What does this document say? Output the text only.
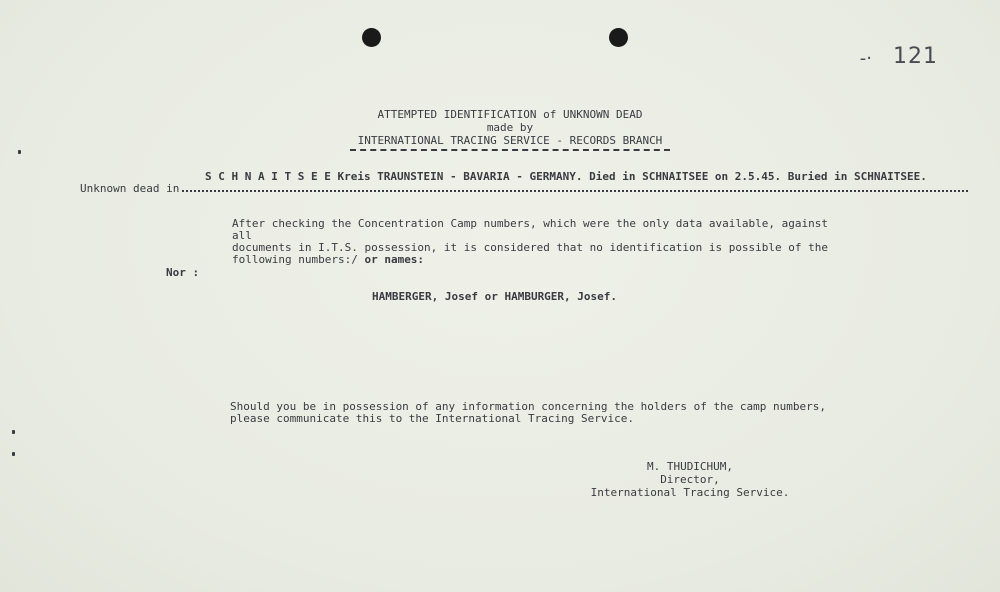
-· 121
ATTEMPTED IDENTIFICATION of UNKNOWN DEAD
made by
INTERNATIONAL TRACING SERVICE - RECORDS BRANCH
S C H N A I T S E E Kreis TRAUNSTEIN - BAVARIA - GERMANY. Died in SCHNAITSEE on 2.5.45. Buried in SCHNAITSEE.
Unknown dead in
After checking the Concentration Camp numbers, which were the only data available, against all
documents in I.T.S. possession, it is considered that no identification is possible of the
following numbers:/ or names:
Nor :
HAMBERGER, Josef or HAMBURGER, Josef.
Should you be in possession of any information concerning the holders of the camp numbers,
please communicate this to the International Tracing Service.
M. THUDICHUM,
Director,
International Tracing Service.
